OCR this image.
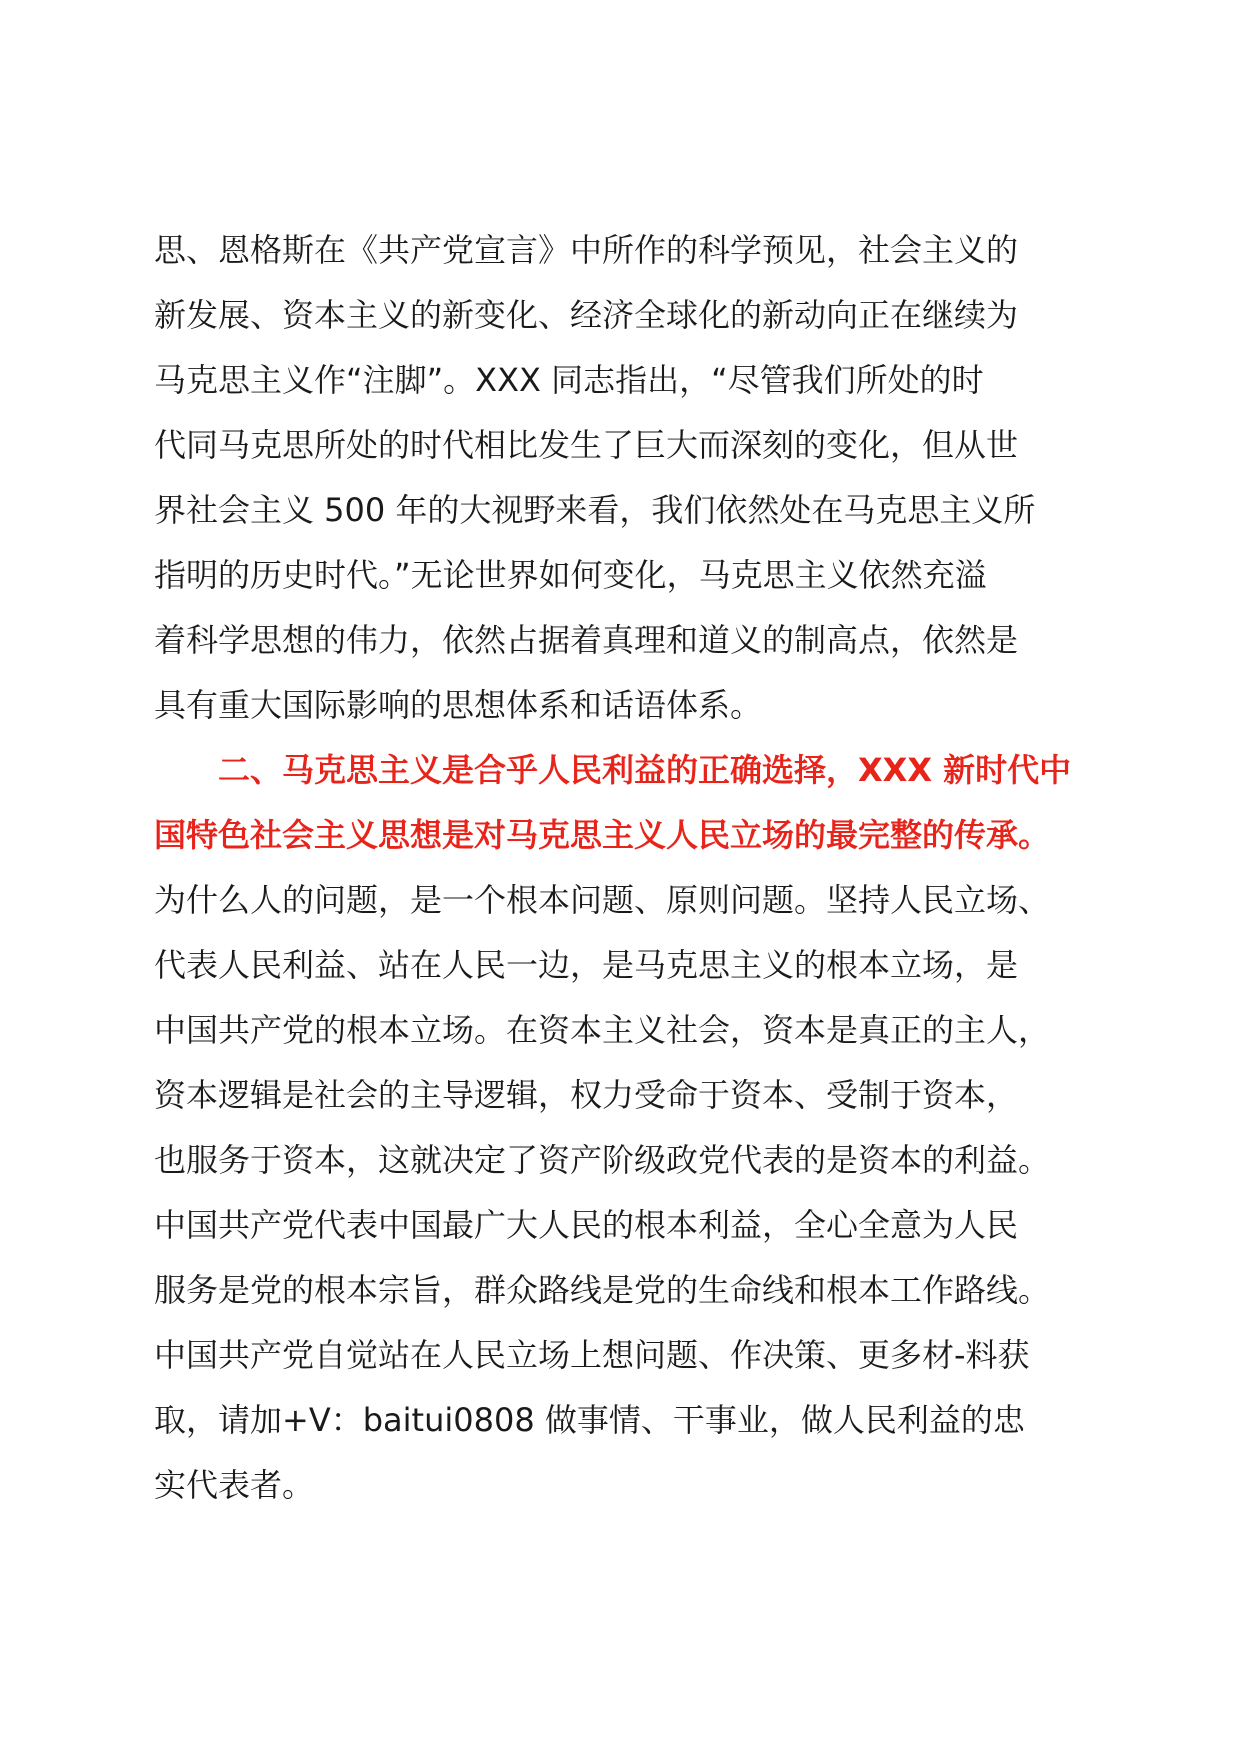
思、恩格斯在《共产党宣言》中所作的科学预见，社会主义的
新发展、资本主义的新变化、经济全球化的新动向正在继续为
马克思主义作“注脚”。XXX 同志指出，“尽管我们所处的时
代同马克思所处的时代相比发生了巨大而深刻的变化，但从世
界社会主义 500 年的大视野来看，我们依然处在马克思主义所
指明的历史时代。”无论世界如何变化，马克思主义依然充溢
着科学思想的伟力，依然占据着真理和道义的制高点，依然是
具有重大国际影响的思想体系和话语体系。
二、马克思主义是合乎人民利益的正确选择，XXX 新时代中
国特色社会主义思想是对马克思主义人民立场的最完整的传承。
为什么人的问题，是一个根本问题、原则问题。坚持人民立场、
代表人民利益、站在人民一边，是马克思主义的根本立场，是
中国共产党的根本立场。在资本主义社会，资本是真正的主人，
资本逻辑是社会的主导逻辑，权力受命于资本、受制于资本，
也服务于资本，这就决定了资产阶级政党代表的是资本的利益。
中国共产党代表中国最广大人民的根本利益，全心全意为人民
服务是党的根本宗旨，群众路线是党的生命线和根本工作路线。
中国共产党自觉站在人民立场上想问题、作决策、更多材-料获
取，请加+V：baitui0808 做事情、干事业，做人民利益的忠
实代表者。
